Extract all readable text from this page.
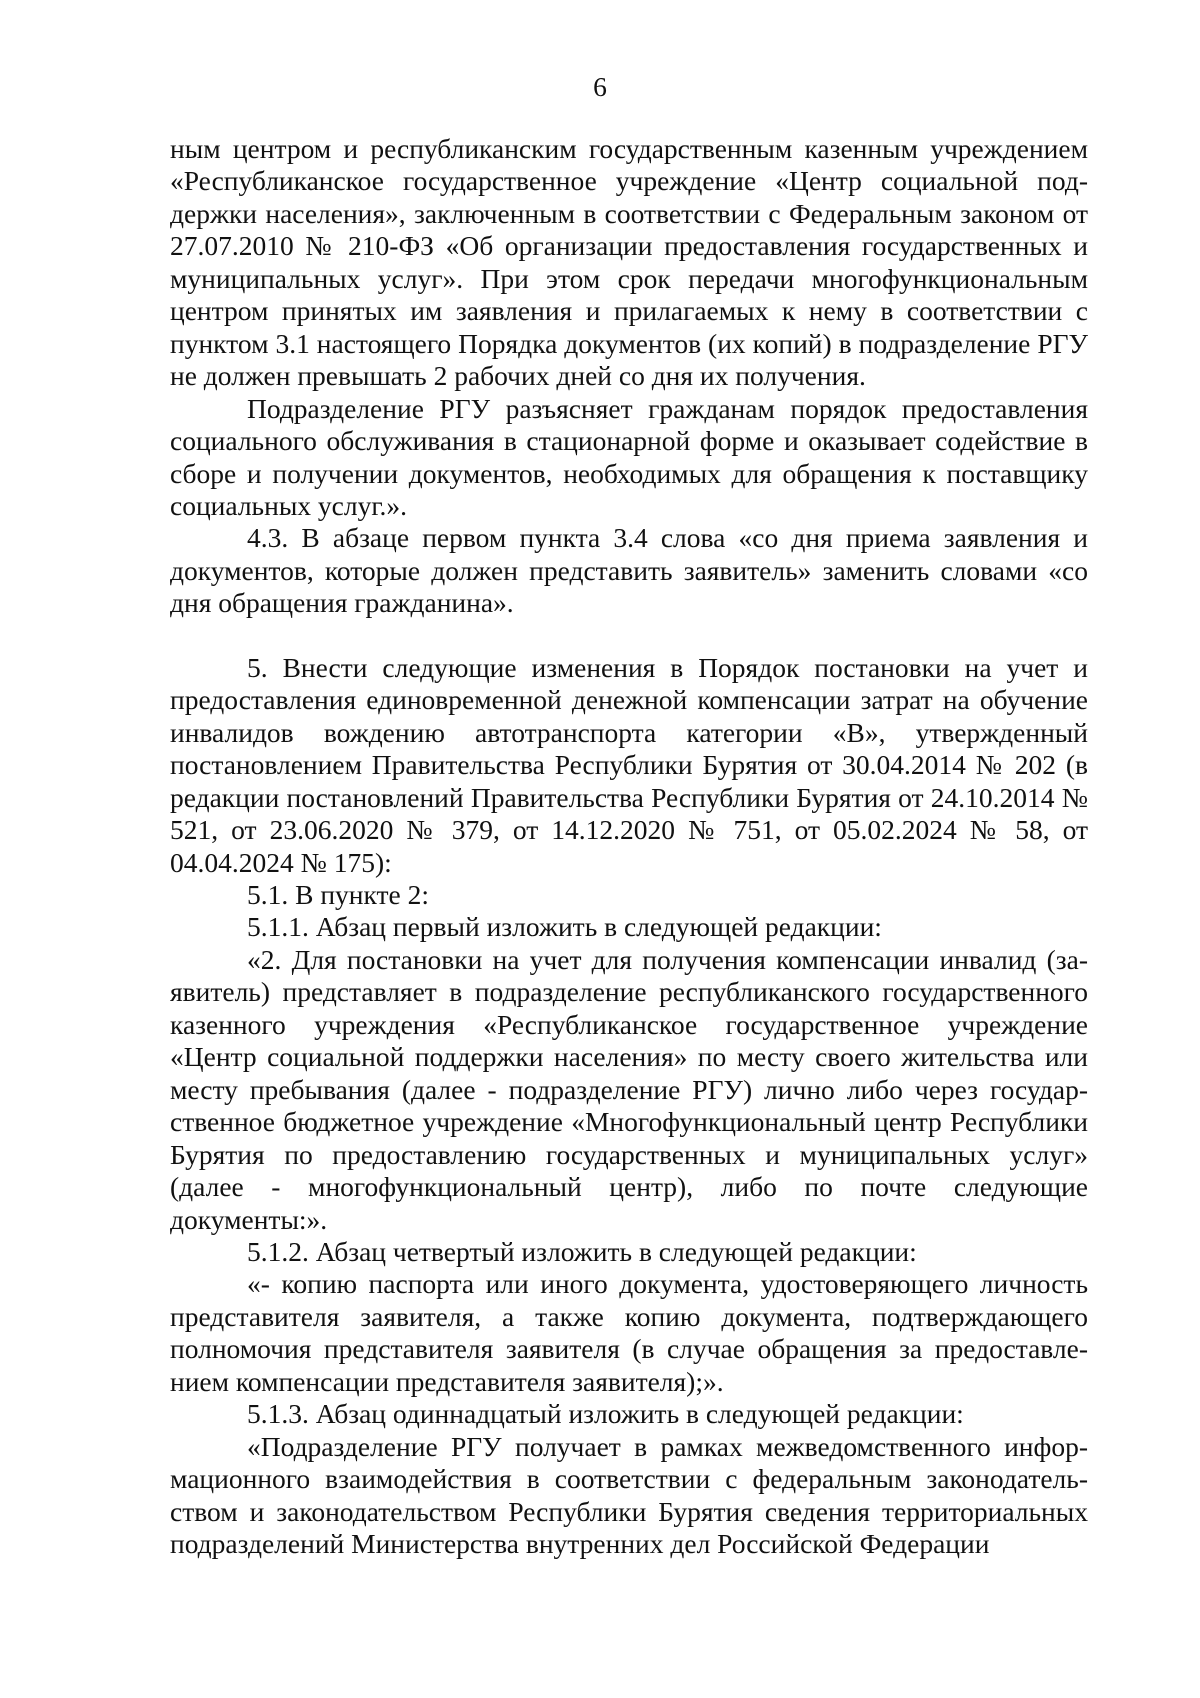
6

ным центром и республиканским государственным казенным учреждением «Республиканское государственное учреждение «Центр социальной поддержки населения», заключенным в соответствии с Федеральным законом от 27.07.2010 № 210-ФЗ «Об организации предоставления государственных и муниципальных услуг». При этом срок передачи многофункциональным центром принятых им заявления и прилагаемых к нему в соответствии с пунктом 3.1 настоящего Порядка документов (их копий) в подразделение РГУ не должен превышать 2 рабочих дней со дня их получения.

Подразделение РГУ разъясняет гражданам порядок предоставления социального обслуживания в стационарной форме и оказывает содействие в сборе и получении документов, необходимых для обращения к поставщику социальных услуг.».

4.3. В абзаце первом пункта 3.4 слова «со дня приема заявления и документов, которые должен представить заявитель» заменить словами «со дня обращения гражданина».

5. Внести следующие изменения в Порядок постановки на учет и предоставления единовременной денежной компенсации затрат на обучение инвалидов вождению автотранспорта категории «В», утвержденный постановлением Правительства Республики Бурятия от 30.04.2014 № 202 (в редакции постановлений Правительства Республики Бурятия от 24.10.2014 № 521, от 23.06.2020 № 379, от 14.12.2020 № 751, от 05.02.2024 № 58, от 04.04.2024 № 175):

5.1. В пункте 2:

5.1.1. Абзац первый изложить в следующей редакции:

«2. Для постановки на учет для получения компенсации инвалид (заявитель) представляет в подразделение республиканского государственного казенного учреждения «Республиканское государственное учреждение «Центр социальной поддержки населения» по месту своего жительства или месту пребывания (далее - подразделение РГУ) лично либо через государственное бюджетное учреждение «Многофункциональный центр Республики Бурятия по предоставлению государственных и муниципальных услуг» (далее - многофункциональный центр), либо по почте следующие документы:».

5.1.2. Абзац четвертый изложить в следующей редакции:

«- копию паспорта или иного документа, удостоверяющего личность представителя заявителя, а также копию документа, подтверждающего полномочия представителя заявителя (в случае обращения за предоставлением компенсации представителя заявителя);».

5.1.3. Абзац одиннадцатый изложить в следующей редакции:

«Подразделение РГУ получает в рамках межведомственного информационного взаимодействия в соответствии с федеральным законодательством и законодательством Республики Бурятия сведения территориальных подразделений Министерства внутренних дел Российской Федерации
